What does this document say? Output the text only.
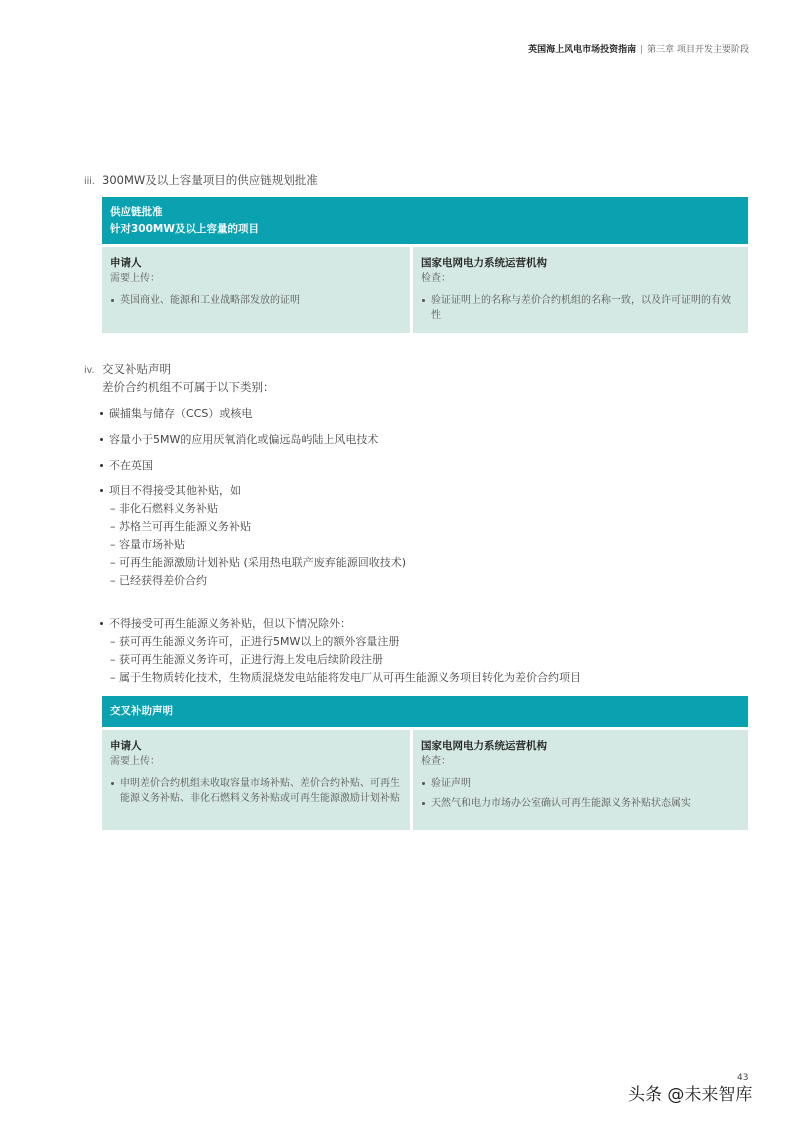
英国海上风电市场投资指南 | 第三章 项目开发主要阶段
iii. 300MW及以上容量项目的供应链规划批准
供应链批准
针对300MW及以上容量的项目
申请人
需要上传：
英国商业、能源和工业战略部发放的证明
国家电网电力系统运营机构
检查：
验证证明上的名称与差价合约机组的名称一致，以及许可证明的有效性
iv. 交叉补贴声明
差价合约机组不可属于以下类别：
碳捕集与储存（CCS）或核电
容量小于5MW的应用厌氧消化或偏远岛屿陆上风电技术
不在英国
项目不得接受其他补贴，如
– 非化石燃料义务补贴
– 苏格兰可再生能源义务补贴
– 容量市场补贴
– 可再生能源激励计划补贴 (采用热电联产废弃能源回收技术)
– 已经获得差价合约
不得接受可再生能源义务补贴，但以下情况除外：
– 获可再生能源义务许可，正进行5MW以上的额外容量注册
– 获可再生能源义务许可，正进行海上发电后续阶段注册
– 属于生物质转化技术，生物质混烧发电站能将发电厂从可再生能源义务项目转化为差价合约项目
交叉补助声明
申请人
需要上传：
申明差价合约机组未收取容量市场补贴、差价合约补贴、可再生能源义务补贴、非化石燃料义务补贴或可再生能源激励计划补贴
国家电网电力系统运营机构
检查：
验证声明
天然气和电力市场办公室确认可再生能源义务补贴状态属实
43
头条 @未来智库
